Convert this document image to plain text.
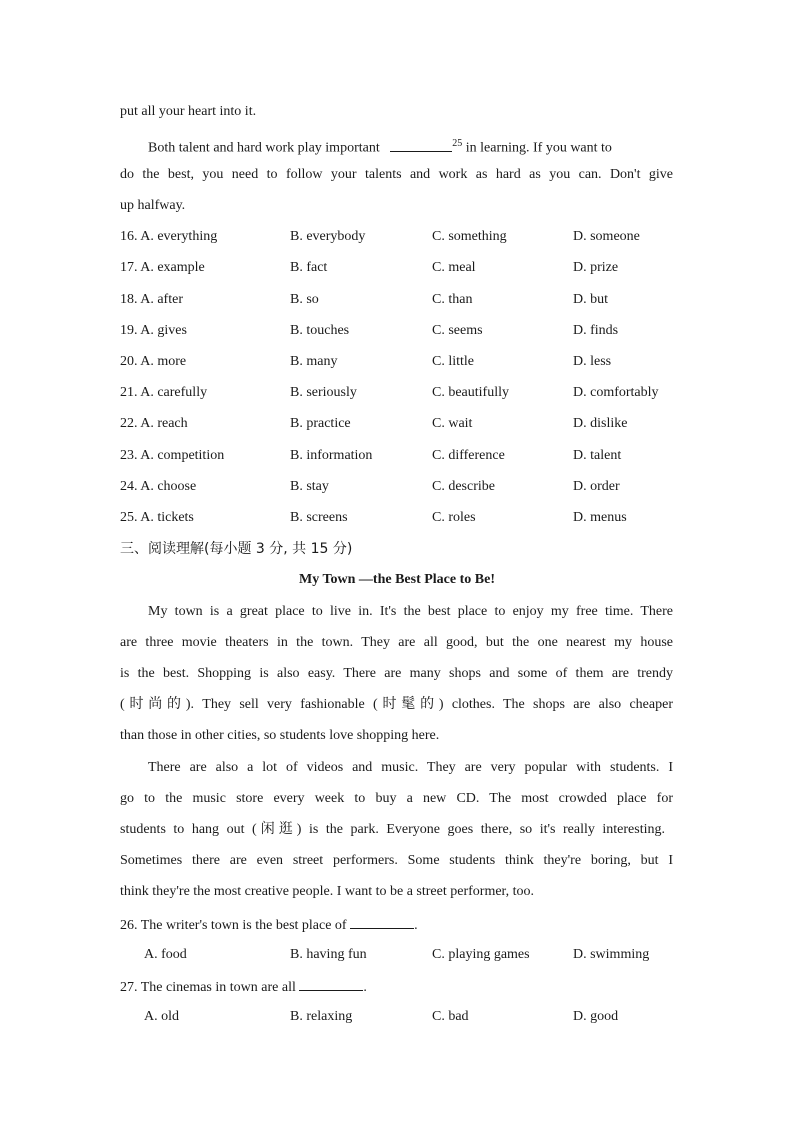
put all your heart into it.
Both talent and hard work play important	$^{25}$ in learning. If you want to
do the best, you need to follow your talents and work as hard as you can. Don't give
up halfway.
16. A. everything	B. everybody	C. something	D. someone
17. A. example	B. fact	C. meal	D. prize
18. A. after	B. so	C. than	D. but
19. A. gives	B. touches	C. seems	D. finds
20. A. more	B. many	C. little	D. less
21. A. carefully	B. seriously	C. beautifully	D. comfortably
22. A. reach	B. practice	C. wait	D. dislike
23. A. competition	B. information	C. difference	D. talent
24. A. choose	B. stay	C. describe	D. order
25. A. tickets	B. screens	C. roles	D. menus
三、阅读理解(每小题 3 分, 共 15 分)
My Town —the Best Place to Be!
My town is a great place to live in. It's the best place to enjoy my free time. There
are three movie theaters in the town. They are all good, but the one nearest my house
is the best. Shopping is also easy. There are many shops and some of them are trendy
(时尚的). They sell very fashionable (时髦的) clothes. The shops are also cheaper
than those in other cities, so students love shopping here.
There are also a lot of videos and music. They are very popular with students. I
go to the music store every week to buy a new CD. The most crowded place for
students to hang out (闲逛) is the park. Everyone goes there, so it's really interesting.
Sometimes there are even street performers. Some students think they're boring, but I
think they're the most creative people. I want to be a street performer, too.
26. The writer's town is the best place of	.
A. food	B. having fun	C. playing games	D. swimming
27. The cinemas in town are all	.
A. old	B. relaxing	C. bad	D. good
